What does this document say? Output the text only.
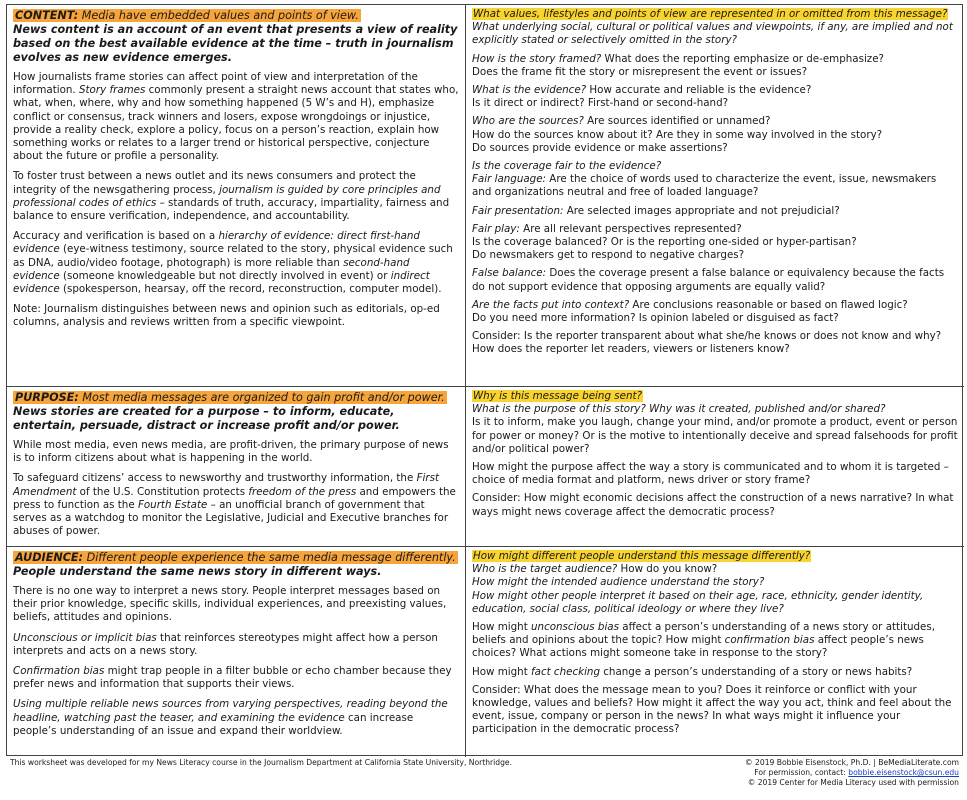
CONTENT: Media have embedded values and points of view.
News content is an account of an event that presents a view of reality based on the best available evidence at the time – truth in journalism evolves as new evidence emerges.

How journalists frame stories can affect point of view and interpretation of the information. Story frames commonly present a straight news account that states who, what, when, where, why and how something happened (5 W’s and H), emphasize conflict or consensus, track winners and losers, expose wrongdoings or injustice, provide a reality check, explore a policy, focus on a person’s reaction, explain how something works or relates to a larger trend or historical perspective, conjecture about the future or profile a personality.

To foster trust between a news outlet and its news consumers and protect the integrity of the newsgathering process, journalism is guided by core principles and professional codes of ethics – standards of truth, accuracy, impartiality, fairness and balance to ensure verification, independence, and accountability.

Accuracy and verification is based on a hierarchy of evidence: direct first-hand evidence (eye-witness testimony, source related to the story, physical evidence such as DNA, audio/video footage, photograph) is more reliable than second-hand evidence (someone knowledgeable but not directly involved in event) or indirect evidence (spokesperson, hearsay, off the record, reconstruction, computer model).

Note: Journalism distinguishes between news and opinion such as editorials, op-ed columns, analysis and reviews written from a specific viewpoint.

What values, lifestyles and points of view are represented in or omitted from this message?

What underlying social, cultural or political values and viewpoints, if any, are implied and not explicitly stated or selectively omitted in the story?

How is the story framed? What does the reporting emphasize or de-emphasize?

Does the frame fit the story or misrepresent the event or issues?

What is the evidence? How accurate and reliable is the evidence?

Is it direct or indirect? First-hand or second-hand?

Who are the sources? Are sources identified or unnamed?

How do the sources know about it? Are they in some way involved in the story?

Do sources provide evidence or make assertions?

Is the coverage fair to the evidence?

Fair language: Are the choice of words used to characterize the event, issue, newsmakers and organizations neutral and free of loaded language?

Fair presentation: Are selected images appropriate and not prejudicial?

Fair play: Are all relevant perspectives represented?

Is the coverage balanced? Or is the reporting one-sided or hyper-partisan?

Do newsmakers get to respond to negative charges?

False balance: Does the coverage present a false balance or equivalency because the facts do not support evidence that opposing arguments are equally valid?

Are the facts put into context? Are conclusions reasonable or based on flawed logic?

Do you need more information? Is opinion labeled or disguised as fact?

Consider: Is the reporter transparent about what she/he knows or does not know and why? How does the reporter let readers, viewers or listeners know?

PURPOSE: Most media messages are organized to gain profit and/or power.
News stories are created for a purpose – to inform, educate, entertain, persuade, distract or increase profit and/or power.

While most media, even news media, are profit-driven, the primary purpose of news is to inform citizens about what is happening in the world.

To safeguard citizens’ access to newsworthy and trustworthy information, the First Amendment of the U.S. Constitution protects freedom of the press and empowers the press to function as the Fourth Estate – an unofficial branch of government that serves as a watchdog to monitor the Legislative, Judicial and Executive branches for abuses of power.

Why is this message being sent?

What is the purpose of this story? Why was it created, published and/or shared?

Is it to inform, make you laugh, change your mind, and/or promote a product, event or person for power or money? Or is the motive to intentionally deceive and spread falsehoods for profit and/or political power?

How might the purpose affect the way a story is communicated and to whom it is targeted – choice of media format and platform, news driver or story frame?

Consider: How might economic decisions affect the construction of a news narrative? In what ways might news coverage affect the democratic process?

AUDIENCE: Different people experience the same media message differently.
People understand the same news story in different ways.

There is no one way to interpret a news story. People interpret messages based on their prior knowledge, specific skills, individual experiences, and preexisting values, beliefs, attitudes and opinions.

Unconscious or implicit bias that reinforces stereotypes might affect how a person interprets and acts on a news story.

Confirmation bias might trap people in a filter bubble or echo chamber because they prefer news and information that supports their views.

Using multiple reliable news sources from varying perspectives, reading beyond the headline, watching past the teaser, and examining the evidence can increase people’s understanding of an issue and expand their worldview.

How might different people understand this message differently?

Who is the target audience? How do you know?

How might the intended audience understand the story?

How might other people interpret it based on their age, race, ethnicity, gender identity, education, social class, political ideology or where they live?

How might unconscious bias affect a person’s understanding of a news story or attitudes, beliefs and opinions about the topic? How might confirmation bias affect people’s news choices? What actions might someone take in response to the story?

How might fact checking change a person’s understanding of a story or news habits?

Consider: What does the message mean to you? Does it reinforce or conflict with your knowledge, values and beliefs? How might it affect the way you act, think and feel about the event, issue, company or person in the news? In what ways might it influence your participation in the democratic process?

This worksheet was developed for my News Literacy course in the Journalism Department at California State University, Northridge.	© 2019 Bobbie Eisenstock, Ph.D. | BeMediaLiterate.com
For permission, contact: bobbie.eisenstock@csun.edu
© 2019 Center for Media Literacy used with permission
